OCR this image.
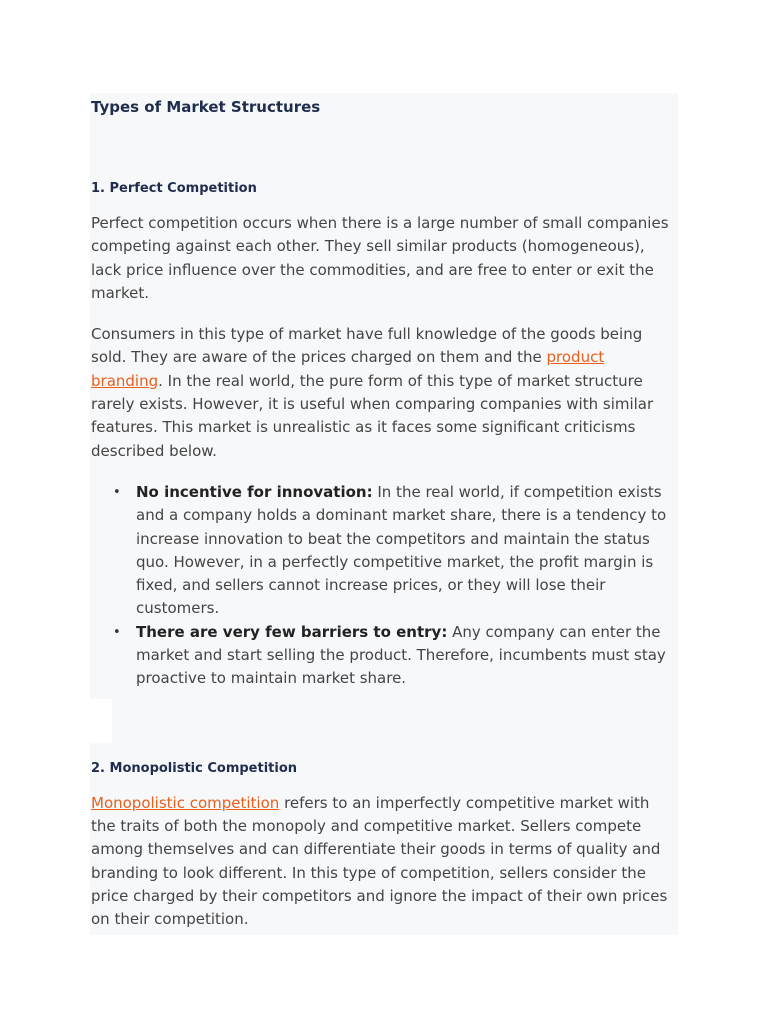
Types of Market Structures
1. Perfect Competition

Perfect competition occurs when there is a large number of small companies competing against each other. They sell similar products (homogeneous), lack price influence over the commodities, and are free to enter or exit the market.

Consumers in this type of market have full knowledge of the goods being sold. They are aware of the prices charged on them and the product branding. In the real world, the pure form of this type of market structure rarely exists. However, it is useful when comparing companies with similar features. This market is unrealistic as it faces some significant criticisms described below.

• No incentive for innovation: In the real world, if competition exists and a company holds a dominant market share, there is a tendency to increase innovation to beat the competitors and maintain the status quo. However, in a perfectly competitive market, the profit margin is fixed, and sellers cannot increase prices, or they will lose their customers.
• There are very few barriers to entry: Any company can enter the market and start selling the product. Therefore, incumbents must stay proactive to maintain market share.
2. Monopolistic Competition

Monopolistic competition refers to an imperfectly competitive market with the traits of both the monopoly and competitive market. Sellers compete among themselves and can differentiate their goods in terms of quality and branding to look different. In this type of competition, sellers consider the price charged by their competitors and ignore the impact of their own prices on their competition.
